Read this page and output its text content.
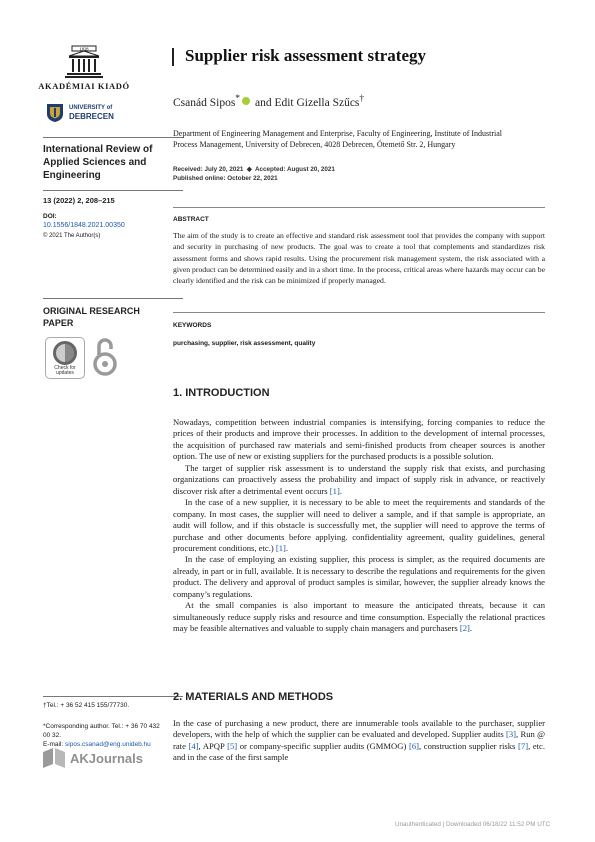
1828
AKADÉMIAI KIADÓ
UNIVERSITY of
DEBRECEN
International Review of Applied Sciences and Engineering
13 (2022) 2, 208–215
DOI:
10.1556/1848.2021.00350
© 2021 The Author(s)
ORIGINAL RESEARCH PAPER
Check for updates
†Tel.: + 36 52 415 155/77730.
*Corresponding author. Tel.: + 36 70 432 00 32.
E-mail: sipos.csanad@eng.unideb.hu
AKJournals
Supplier risk assessment strategy
Csanád Sipos* and Edit Gizella Szűcs†
Department of Engineering Management and Enterprise, Faculty of Engineering, Institute of Industrial Process Management, University of Debrecen, 4028 Debrecen, Ótemető Str. 2, Hungary
Received: July 20, 2021  ◆  Accepted: August 20, 2021
Published online: October 22, 2021
ABSTRACT
The aim of the study is to create an effective and standard risk assessment tool that provides the company with support and security in purchasing of new products. The goal was to create a tool that complements and standardizes risk assessment forms and shows rapid results. Using the procurement risk management system, the risk associated with a given product can be determined easily and in a short time. In the process, critical areas where hazards may occur can be clearly identified and the risk can be minimized if properly managed.
KEYWORDS
purchasing, supplier, risk assessment, quality
1. INTRODUCTION

Nowadays, competition between industrial companies is intensifying, forcing companies to reduce the prices of their products and improve their processes. In addition to the development of internal processes, the acquisition of purchased raw materials and semi-finished products from cheaper sources is another option. The use of new or existing suppliers for the purchased products is a possible solution.

The target of supplier risk assessment is to understand the supply risk that exists, and purchasing organizations can proactively assess the probability and impact of supply risk in advance, or reactively discover risk after a detrimental event occurs [1].

In the case of a new supplier, it is necessary to be able to meet the requirements and standards of the company. In most cases, the supplier will need to deliver a sample, and if that sample is appropriate, an audit will follow, and if this obstacle is successfully met, the supplier will need to approve the terms of purchase and other documents before applying. confidentiality agreement, quality guidelines, general procurement conditions, etc.) [1].

In the case of employing an existing supplier, this process is simpler, as the required documents are already, in part or in full, available. It is necessary to describe the regulations and requirements for the given product. The delivery and approval of product samples is similar, however, the supplier already knows the company’s regulations.

At the small companies is also important to measure the anticipated threats, because it can simultaneously reduce supply risks and resource and time consumption. Especially the relational practices may be feasible alternatives and valuable to supply chain managers and purchasers [2].

2. MATERIALS AND METHODS

In the case of purchasing a new product, there are innumerable tools available to the purchaser, supplier developers, with the help of which the supplier can be evaluated and developed. Supplier audits [3], Run @ rate [4], APQP [5] or company-specific supplier audits (GMMOG) [6], construction supplier risks [7], etc. and in the case of the first sample

Unauthenticated | Downloaded 06/18/22 11:52 PM UTC
